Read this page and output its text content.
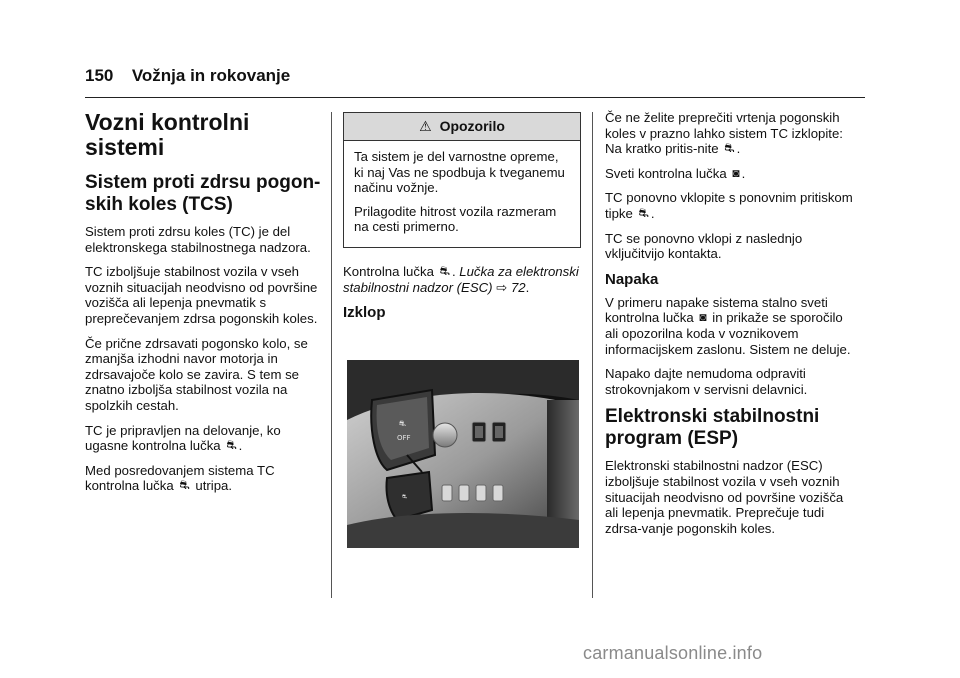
150 Vožnja in rokovanje
Vozni kontrolni sistemi
Sistem proti zdrsu pogon-skih koles (TCS)

Sistem proti zdrsu koles (TC) je del elektronskega stabilnostnega nadzora.

TC izboljšuje stabilnost vozila v vseh voznih situacijah neodvisno od površine vozišča ali lepenja pnevmatik s preprečevanjem zdrsa pogonskih koles.

Če prične zdrsavati pogonsko kolo, se zmanjša izhodni navor motorja in zdrsavajoče kolo se zavira. S tem se znatno izboljša stabilnost vozila na spolzkih cestah.

TC je pripravljen na delovanje, ko ugasne kontrolna lučka ⛐ .

Med posredovanjem sistema TC kontrolna lučka ⛐ utripa.

⚠ Opozorilo

Ta sistem je del varnostne opreme, ki naj Vas ne spodbuja k tveganemu načinu vožnje.

Prilagodite hitrost vozila razmeram na cesti primerno.

Kontrolna lučka ⛐ . Lučka za elektronski stabilnostni nadzor (ESC) ⇨ 72.

Izklop
⛐
OFF
⛐

Če ne želite preprečiti vrtenja pogonskih koles v prazno lahko sistem TC izklopite: Na kratko pritis-nite ⛐ .

Sveti kontrolna lučka ◙ .

TC ponovno vklopite s ponovnim pritiskom tipke ⛐ .

TC se ponovno vklopi z naslednjo vključitvijo kontakta.

Napaka

V primeru napake sistema stalno sveti kontrolna lučka ◙ in prikaže se sporočilo ali opozorilna koda v voznikovem informacijskem zaslonu. Sistem ne deluje.

Napako dajte nemudoma odpraviti strokovnjakom v servisni delavnici.

Elektronski stabilnostni program (ESP)

Elektronski stabilnostni nadzor (ESC) izboljšuje stabilnost vozila v vseh voznih situacijah neodvisno od površine vozišča ali lepenja pnevmatik. Preprečuje tudi zdrsa-vanje pogonskih koles.

carmanualsonline.info
